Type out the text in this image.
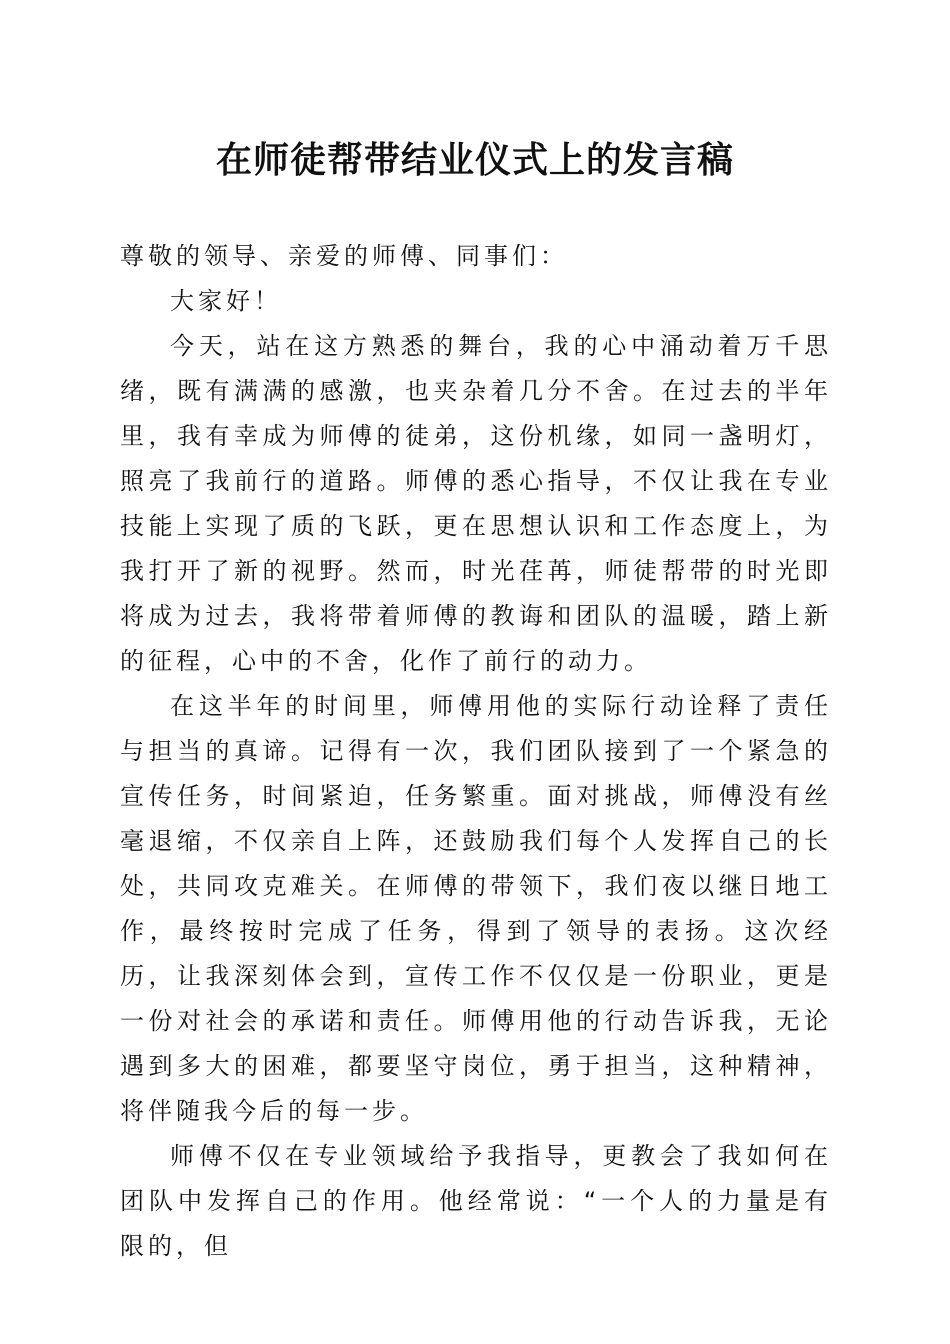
在师徒帮带结业仪式上的发言稿

尊敬的领导、亲爱的师傅、同事们：

大家好！

今天，站在这方熟悉的舞台，我的心中涌动着万千思绪，既有满满的感激，也夹杂着几分不舍。在过去的半年里，我有幸成为师傅的徒弟，这份机缘，如同一盏明灯，照亮了我前行的道路。师傅的悉心指导，不仅让我在专业技能上实现了质的飞跃，更在思想认识和工作态度上，为我打开了新的视野。然而，时光荏苒，师徒帮带的时光即将成为过去，我将带着师傅的教诲和团队的温暖，踏上新的征程，心中的不舍，化作了前行的动力。

在这半年的时间里，师傅用他的实际行动诠释了责任与担当的真谛。记得有一次，我们团队接到了一个紧急的宣传任务，时间紧迫，任务繁重。面对挑战，师傅没有丝毫退缩，不仅亲自上阵，还鼓励我们每个人发挥自己的长处，共同攻克难关。在师傅的带领下，我们夜以继日地工作，最终按时完成了任务，得到了领导的表扬。这次经历，让我深刻体会到，宣传工作不仅仅是一份职业，更是一份对社会的承诺和责任。师傅用他的行动告诉我，无论遇到多大的困难，都要坚守岗位，勇于担当，这种精神，将伴随我今后的每一步。

师傅不仅在专业领域给予我指导，更教会了我如何在团队中发挥自己的作用。他经常说：“一个人的力量是有限的，但
